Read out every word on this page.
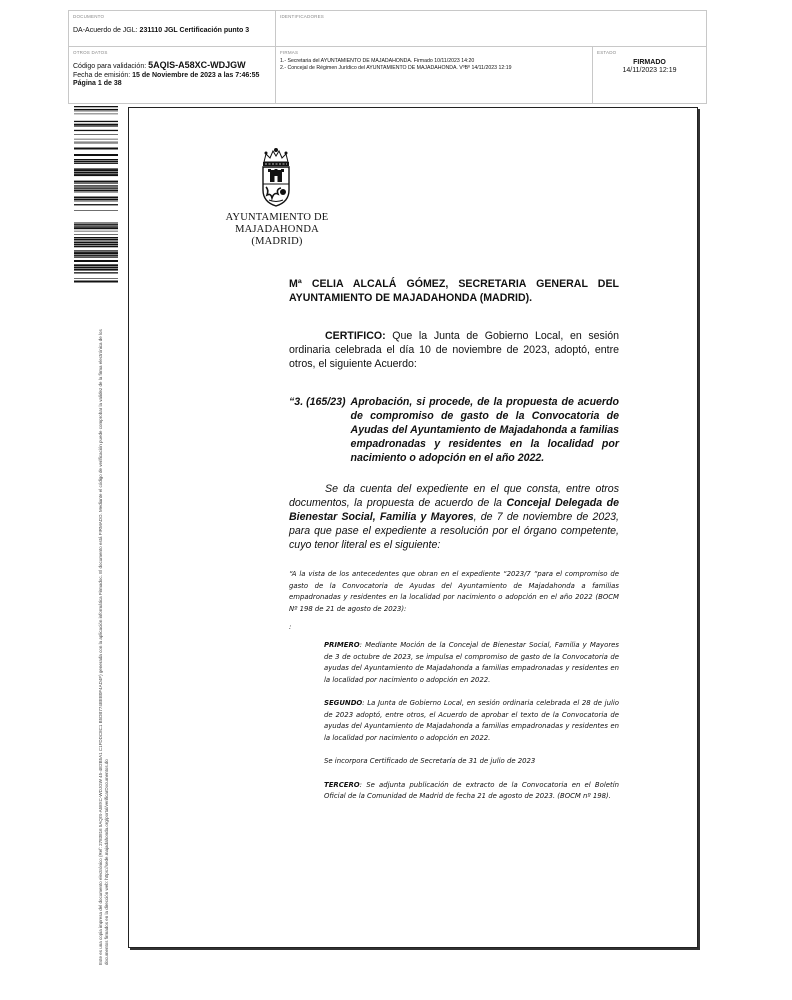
DOCUMENTO
DA-Acuerdo de JGL: 231110 JGL Certificación punto 3
IDENTIFICADORES
OTROS DATOS
Código para validación: 5AQIS-A58XC-WDJGW
Fecha de emisión: 15 de Noviembre de 2023 a las 7:46:55
Página 1 de 38
FIRMAS
1.- Secretaria del AYUNTAMIENTO DE MAJADAHONDA. Firmado 10/11/2023 14:20
2.- Concejal de Régimen Jurídico del AYUNTAMIENTO DE MAJADAHONDA. VºBº 14/11/2023 12:19
ESTADO
FIRMADO
14/11/2023 12:19
Este es una copia impresa del documento electrónico (Ref: 2783816 5AQIS-A58XC-WDJGW 45-4E2B5A1 C1FDDC8C1 B5DB774BEB0F4AD4F) generada con la aplicación informática Firmadoc. El documento está FIRMADO. Mediante el código de verificación puede comprobar la validez de la firma electrónica de los documentos firmados en la dirección web: https://sede.majadahonda.org/portal/verificarDocumentos.do
AYUNTAMIENTO DE
MAJADAHONDA
(MADRID)
Mª CELIA ALCALÁ GÓMEZ, SECRETARIA GENERAL DEL AYUNTAMIENTO DE MAJADAHONDA (MADRID).

CERTIFICO: Que la Junta de Gobierno Local, en sesión ordinaria celebrada el día 10 de noviembre de 2023, adoptó, entre otros, el siguiente Acuerdo:

“3. (165/23) Aprobación, si procede, de la propuesta de acuerdo de compromiso de gasto de la Convocatoria de Ayudas del Ayuntamiento de Majadahonda a familias empadronadas y residentes en la localidad por nacimiento o adopción en el año 2022.

Se da cuenta del expediente en el que consta, entre otros documentos, la propuesta de acuerdo de la Concejal Delegada de Bienestar Social, Familia y Mayores, de 7 de noviembre de 2023, para que pase el expediente a resolución por el órgano competente, cuyo tenor literal es el siguiente:

“A la vista de los antecedentes que obran en el expediente “2023/7 “para el compromiso de gasto de la Convocatoria de Ayudas del Ayuntamiento de Majadahonda a familias empadronadas y residentes en la localidad por nacimiento o adopción en el año 2022 (BOCM Nº 198 de 21 de agosto de 2023):

:

PRIMERO: Mediante Moción de la Concejal de Bienestar Social, Familia y Mayores de 3 de octubre de 2023, se impulsa el compromiso de gasto de la Convocatoria de ayudas del Ayuntamiento de Majadahonda a familias empadronadas y residentes en la localidad por nacimiento o adopción en 2022.

SEGUNDO: La Junta de Gobierno Local, en sesión ordinaria celebrada el 28 de julio de 2023 adoptó, entre otros, el Acuerdo de aprobar el texto de la Convocatoria de ayudas del Ayuntamiento de Majadahonda a familias empadronadas y residentes en la localidad por nacimiento o adopción en 2022.

Se incorpora Certificado de Secretaría de 31 de julio de 2023

TERCERO: Se adjunta publicación de extracto de la Convocatoria en el Boletín Oficial de la Comunidad de Madrid de fecha 21 de agosto de 2023. (BOCM nº 198).
